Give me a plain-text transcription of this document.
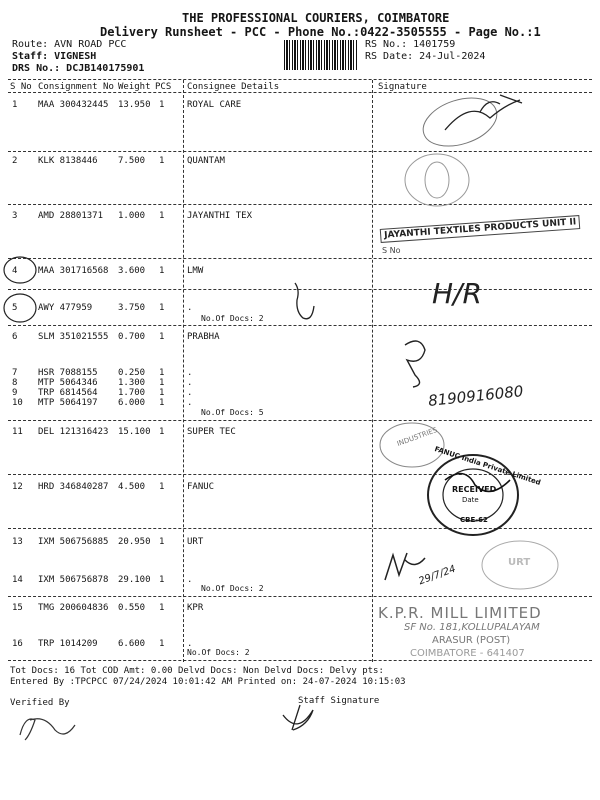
THE PROFESSIONAL COURIERS, COIMBATORE
Delivery Runsheet - PCC - Phone No.:0422-3505555 - Page No.:1
Route: AVN ROAD PCC
Staff: VIGNESH
DRS No.: DCJB140175901
RS No.: 1401759
RS Date: 24-Jul-2024
S No Consignment No Weight PCS Consignee Details	Signature
1 MAA 300432445 13.950 1	ROYAL CARE
2 KLK 8138446 7.500 1	QUANTAM
3 AMD 28801371 1.000 1	JAYANTHI TEX
4 MAA 301716568 3.600 1	LMW
5 AWY 477959	3.750 1	.
No.Of Docs: 2
6 SLM 351021555 0.700 1	PRABHA
7 HSR 7088155 0.250 1	.
8 MTP 5064346 1.300 1	.
9 TRP 6814564 1.700 1	.
10 MTP 5064197 6.000 1	.
No.Of Docs: 5
11 DEL 121316423 15.100 1	SUPER TEC
12 HRD 346840287 4.500 1	FANUC
13 IXM 506756885 20.950 1	URT
14 IXM 506756878 29.100 1	.
No.Of Docs: 2
15 TMG 200604836 0.550 1	KPR
16 TRP 1014209 6.600 1	.
No.Of Docs: 2
Tot Docs: 16 Tot COD Amt: 0.00 Delvd Docs: Non Delvd Docs: Delvy pts:
Entered By :TPCPCC 07/24/2024 10:01:42 AM Printed on: 24-07-2024 10:15:03
Verified By	Staff Signature
JAYANTHI TEXTILES PRODUCTS UNIT II
S No
INDUSTRIES
FANUC India Private Limited
RECEIVED
Date
CBE-62
URT
H/R
8190916080
29/7/24
K.P.R. MILL LIMITED
SF No. 181,KOLLUPALAYAM
ARASUR (POST)
COIMBATORE - 641407
